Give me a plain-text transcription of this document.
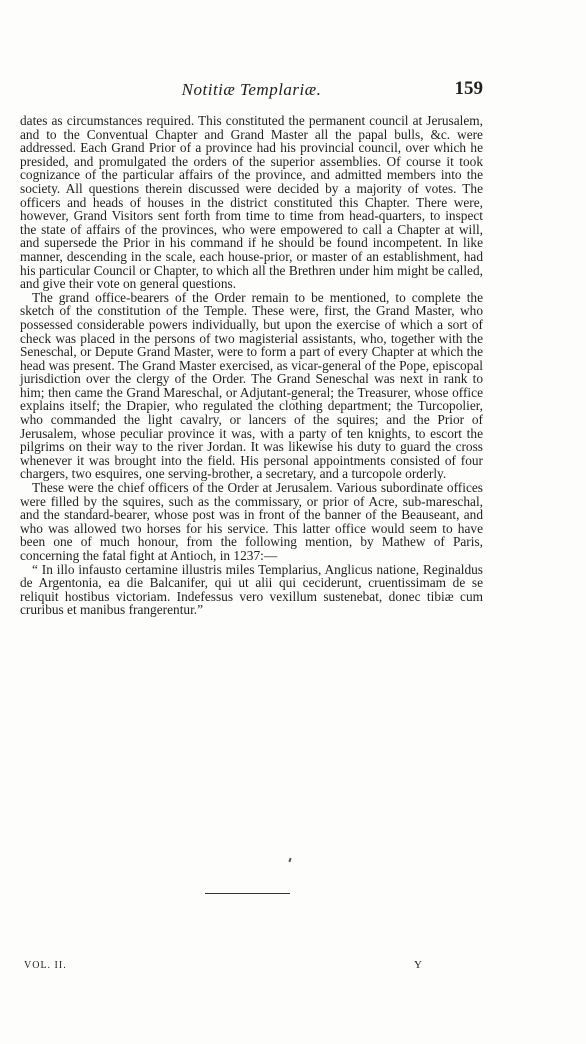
Notitiæ Templariæ.	159

dates as circumstances required. This constituted the permanent council at Jerusalem, and to the Conventual Chapter and Grand Master all the papal bulls, &c. were addressed. Each Grand Prior of a province had his provincial council, over which he presided, and promulgated the orders of the superior assemblies. Of course it took cognizance of the particular affairs of the province, and admitted members into the society. All questions therein discussed were decided by a majority of votes. The officers and heads of houses in the district constituted this Chapter. There were, however, Grand Visitors sent forth from time to time from head-quarters, to inspect the state of affairs of the provinces, who were empowered to call a Chapter at will, and supersede the Prior in his command if he should be found incompetent. In like manner, descending in the scale, each house-prior, or master of an establishment, had his particular Council or Chapter, to which all the Brethren under him might be called, and give their vote on general questions.

The grand office-bearers of the Order remain to be mentioned, to complete the sketch of the constitution of the Temple. These were, first, the Grand Master, who possessed considerable powers individually, but upon the exercise of which a sort of check was placed in the persons of two magisterial assistants, who, together with the Seneschal, or Depute Grand Master, were to form a part of every Chapter at which the head was present. The Grand Master exercised, as vicar-general of the Pope, episcopal jurisdiction over the clergy of the Order. The Grand Seneschal was next in rank to him; then came the Grand Mareschal, or Adjutant-general; the Treasurer, whose office explains itself; the Drapier, who regulated the clothing department; the Turcopolier, who commanded the light cavalry, or lancers of the squires; and the Prior of Jerusalem, whose peculiar province it was, with a party of ten knights, to escort the pilgrims on their way to the river Jordan. It was likewise his duty to guard the cross whenever it was brought into the field. His personal appointments consisted of four chargers, two esquires, one serving-brother, a secretary, and a turcopole orderly.

These were the chief officers of the Order at Jerusalem. Various subordinate offices were filled by the squires, such as the commissary, or prior of Acre, sub-mareschal, and the standard-bearer, whose post was in front of the banner of the Beauseant, and who was allowed two horses for his service. This latter office would seem to have been one of much honour, from the following mention, by Mathew of Paris, concerning the fatal fight at Antioch, in 1237:—

“ In illo infausto certamine illustris miles Templarius, Anglicus natione, Reginaldus de Argentonia, ea die Balcanifer, qui ut alii qui ceciderunt, cruentissimam de se reliquit hostibus victoriam. Indefessus vero vexillum sustenebat, donec tibiæ cum cruribus et manibus frangerentur.”

VOL. II.	Y
